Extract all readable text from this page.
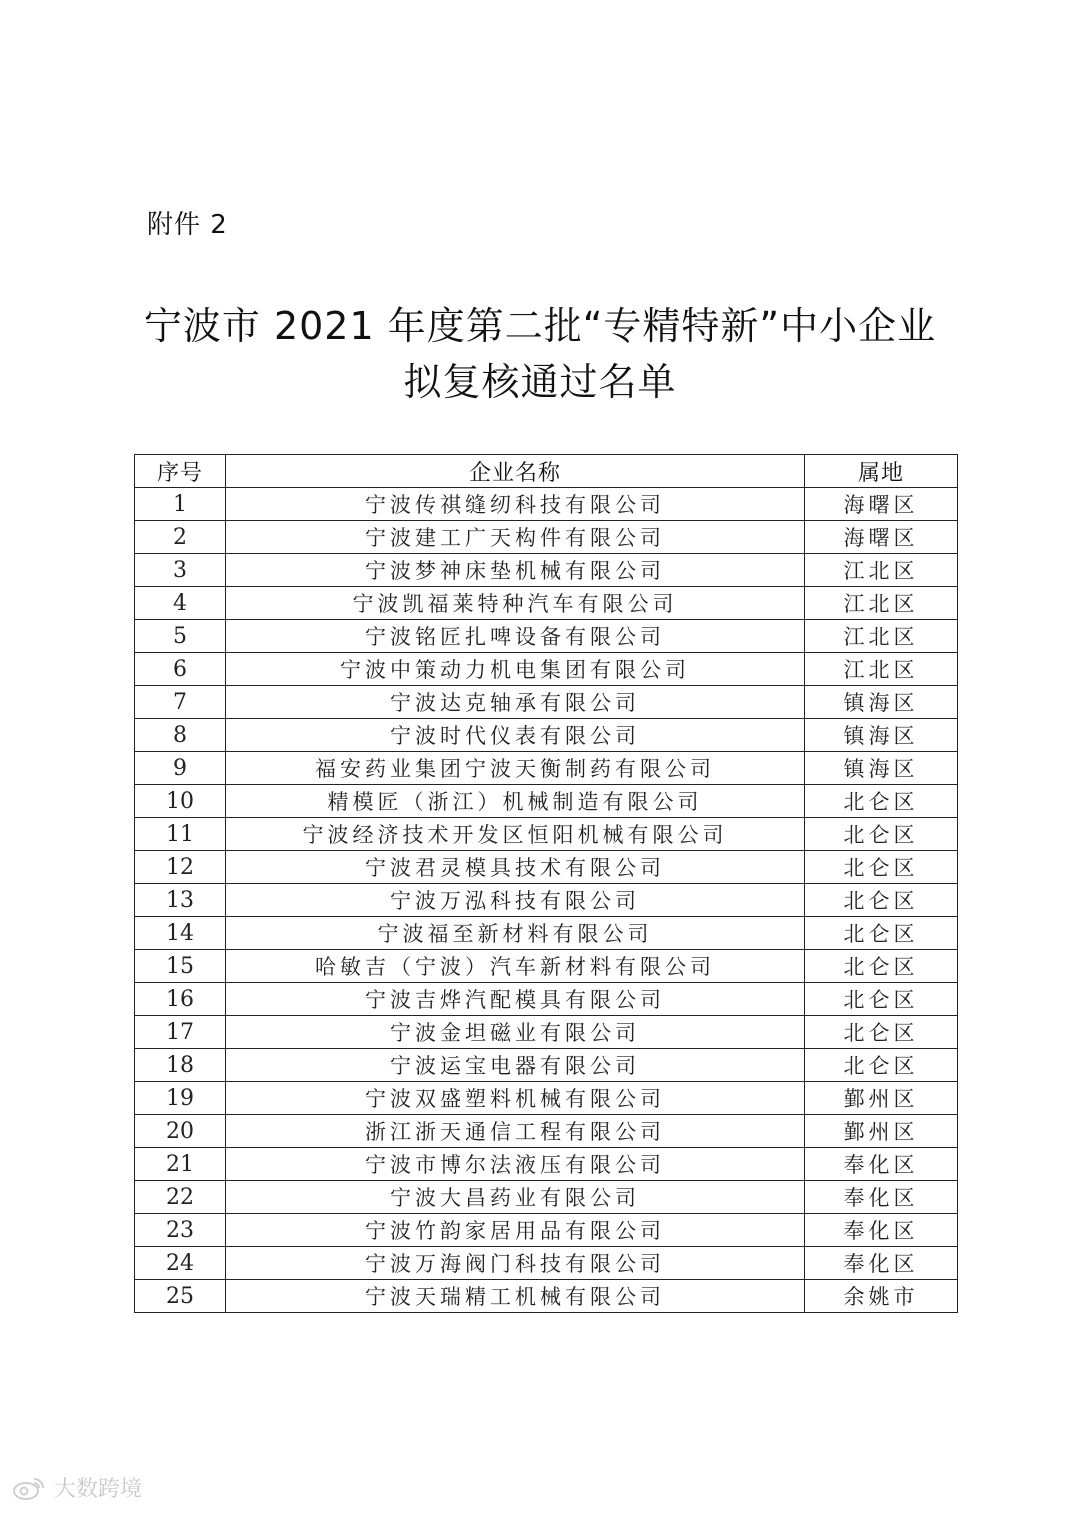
附件 2
宁波市 2021 年度第二批“专精特新”中小企业
拟复核通过名单
序号	企业名称	属地
1	宁波传祺缝纫科技有限公司	海曙区
2	宁波建工广天构件有限公司	海曙区
3	宁波梦神床垫机械有限公司	江北区
4	宁波凯福莱特种汽车有限公司	江北区
5	宁波铭匠扎啤设备有限公司	江北区
6	宁波中策动力机电集团有限公司	江北区
7	宁波达克轴承有限公司	镇海区
8	宁波时代仪表有限公司	镇海区
9	福安药业集团宁波天衡制药有限公司	镇海区
10	精模匠（浙江）机械制造有限公司	北仑区
11	宁波经济技术开发区恒阳机械有限公司	北仑区
12	宁波君灵模具技术有限公司	北仑区
13	宁波万泓科技有限公司	北仑区
14	宁波福至新材料有限公司	北仑区
15	哈敏吉（宁波）汽车新材料有限公司	北仑区
16	宁波吉烨汽配模具有限公司	北仑区
17	宁波金坦磁业有限公司	北仑区
18	宁波运宝电器有限公司	北仑区
19	宁波双盛塑料机械有限公司	鄞州区
20	浙江浙天通信工程有限公司	鄞州区
21	宁波市博尔法液压有限公司	奉化区
22	宁波大昌药业有限公司	奉化区
23	宁波竹韵家居用品有限公司	奉化区
24	宁波万海阀门科技有限公司	奉化区
25	宁波天瑞精工机械有限公司	余姚市
大数跨境
